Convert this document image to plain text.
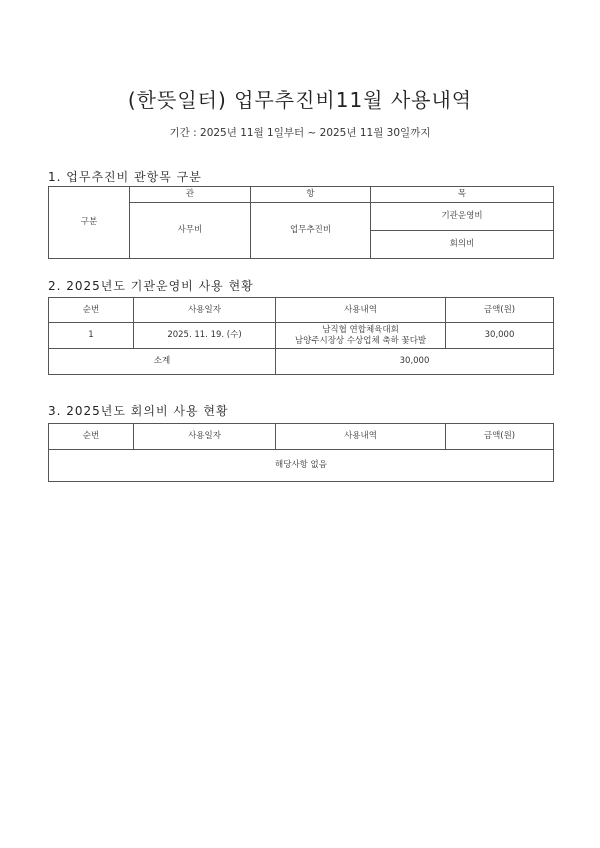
(한뜻일터) 업무추진비11월 사용내역
기간 : 2025년 11월 1일부터 ~ 2025년 11월 30일까지
1. 업무추진비 관항목 구분
구분	관	항	목
	사무비	업무추진비	기관운영비
			회의비
2. 2025년도 기관운영비 사용 현황
순번	사용일자	사용내역	금액(원)
1	2025. 11. 19. (수)	남직협 연합체육대회
남양주시장상 수상업체 축하 꽃다발	30,000
소계		30,000	
3. 2025년도 회의비 사용 현황
순번	사용일자	사용내역	금액(원)
해당사항 없음
